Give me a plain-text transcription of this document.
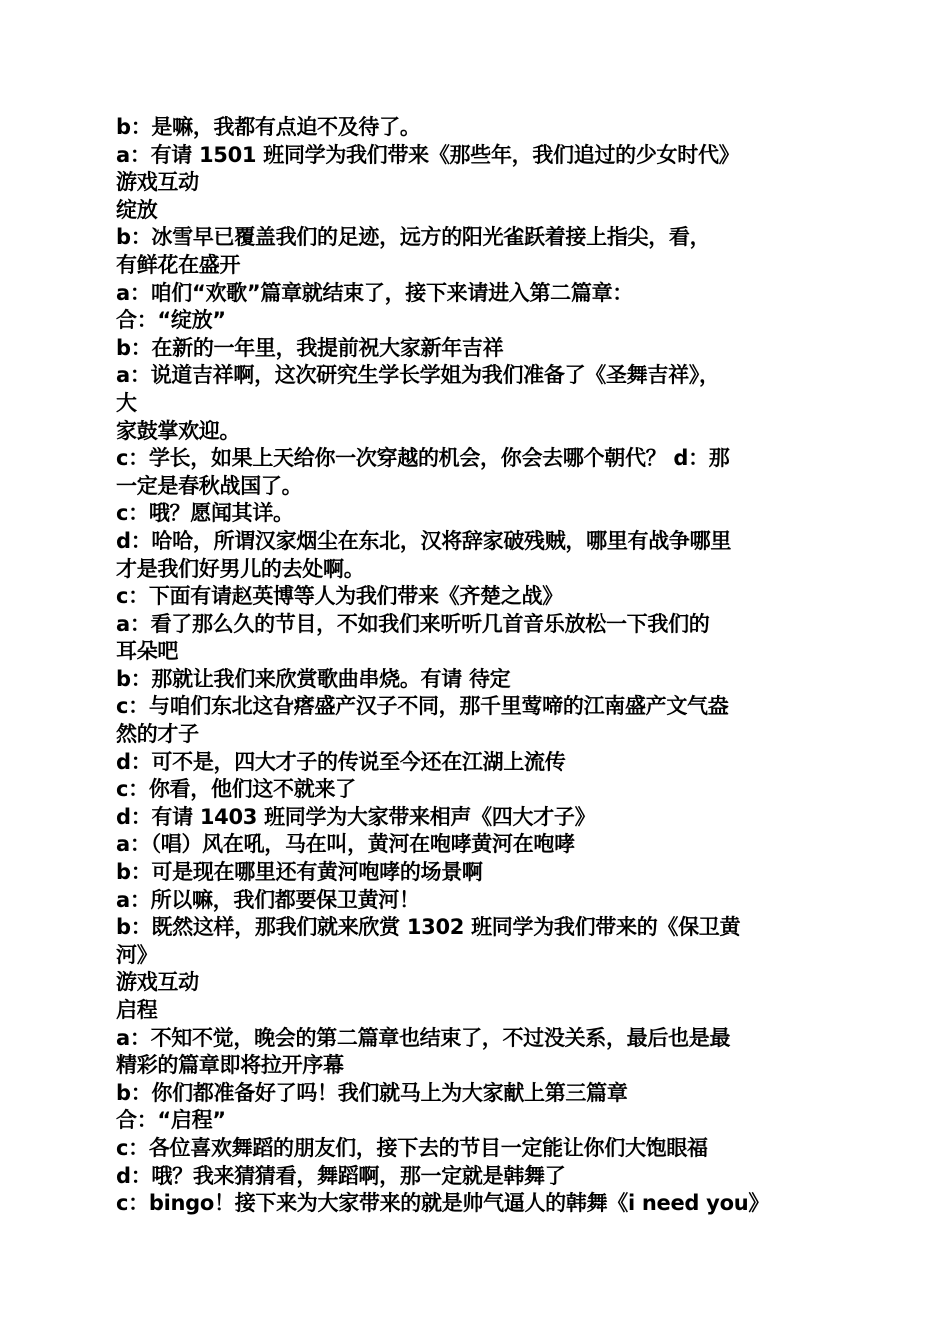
b：是嘛，我都有点迫不及待了。
a：有请 1501 班同学为我们带来《那些年，我们追过的少女时代》
游戏互动
绽放
b：冰雪早已覆盖我们的足迹，远方的阳光雀跃着接上指尖，看，
有鲜花在盛开
a：咱们“欢歌”篇章就结束了，接下来请进入第二篇章：
合：“绽放”
b：在新的一年里，我提前祝大家新年吉祥
a：说道吉祥啊，这次研究生学长学姐为我们准备了《圣舞吉祥》，
大
家鼓掌欢迎。
c：学长，如果上天给你一次穿越的机会，你会去哪个朝代？ d：那
一定是春秋战国了。
c：哦？愿闻其详。
d：哈哈，所谓汉家烟尘在东北，汉将辞家破残贼，哪里有战争哪里
才是我们好男儿的去处啊。
c：下面有请赵英博等人为我们带来《齐楚之战》
a：看了那么久的节目，不如我们来听听几首音乐放松一下我们的
耳朵吧
b：那就让我们来欣赏歌曲串烧。有请 待定
c：与咱们东北这旮瘩盛产汉子不同，那千里莺啼的江南盛产文气盎
然的才子
d：可不是，四大才子的传说至今还在江湖上流传
c：你看，他们这不就来了
d：有请 1403 班同学为大家带来相声《四大才子》
a：（唱）风在吼，马在叫，黄河在咆哮黄河在咆哮
b：可是现在哪里还有黄河咆哮的场景啊
a：所以嘛，我们都要保卫黄河！
b：既然这样，那我们就来欣赏 1302 班同学为我们带来的《保卫黄
河》
游戏互动
启程
a：不知不觉，晚会的第二篇章也结束了，不过没关系，最后也是最
精彩的篇章即将拉开序幕
b：你们都准备好了吗！我们就马上为大家献上第三篇章
合：“启程”
c：各位喜欢舞蹈的朋友们，接下去的节目一定能让你们大饱眼福
d：哦？我来猜猜看，舞蹈啊，那一定就是韩舞了
c：bingo！接下来为大家带来的就是帅气逼人的韩舞《i need you》
